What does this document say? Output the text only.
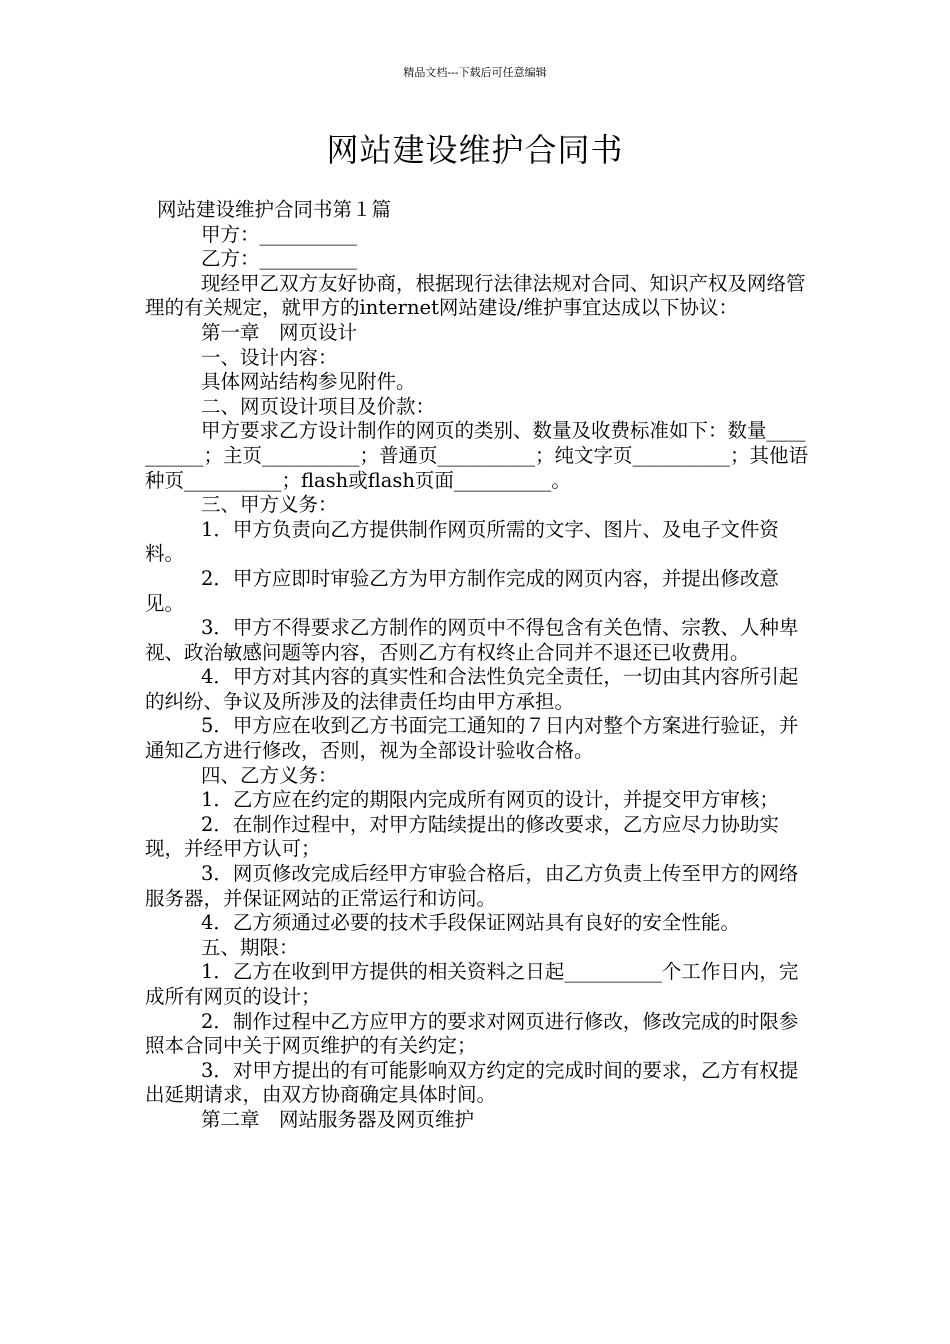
精品文档---下载后可任意编辑
网站建设维护合同书

网站建设维护合同书第１篇

甲方：__________

乙方：__________

现经甲乙双方友好协商，根据现行法律法规对合同、知识产权及网络管理的有关规定，就甲方的internet网站建设/维护事宜达成以下协议：

第一章　网页设计

一、设计内容：

具体网站结构参见附件。

二、网页设计项目及价款：

甲方要求乙方设计制作的网页的类别、数量及收费标准如下：数量__________；主页__________；普通页__________；纯文字页__________；其他语种页__________；flash或flash页面__________。

三、甲方义务：

1．甲方负责向乙方提供制作网页所需的文字、图片、及电子文件资料。

2．甲方应即时审验乙方为甲方制作完成的网页内容，并提出修改意见。

3．甲方不得要求乙方制作的网页中不得包含有关色情、宗教、人种卑视、政治敏感问题等内容，否则乙方有权终止合同并不退还已收费用。

4．甲方对其内容的真实性和合法性负完全责任，一切由其内容所引起的纠纷、争议及所涉及的法律责任均由甲方承担。

5．甲方应在收到乙方书面完工通知的７日内对整个方案进行验证，并通知乙方进行修改，否则，视为全部设计验收合格。

四、乙方义务：

1．乙方应在约定的期限内完成所有网页的设计，并提交甲方审核；

2．在制作过程中，对甲方陆续提出的修改要求，乙方应尽力协助实现，并经甲方认可；

3．网页修改完成后经甲方审验合格后，由乙方负责上传至甲方的网络服务器，并保证网站的正常运行和访问。

4．乙方须通过必要的技术手段保证网站具有良好的安全性能。

五、期限：

1．乙方在收到甲方提供的相关资料之日起__________个工作日内，完成所有网页的设计；

2．制作过程中乙方应甲方的要求对网页进行修改，修改完成的时限参照本合同中关于网页维护的有关约定；

3．对甲方提出的有可能影响双方约定的完成时间的要求，乙方有权提出延期请求，由双方协商确定具体时间。

第二章　网站服务器及网页维护
